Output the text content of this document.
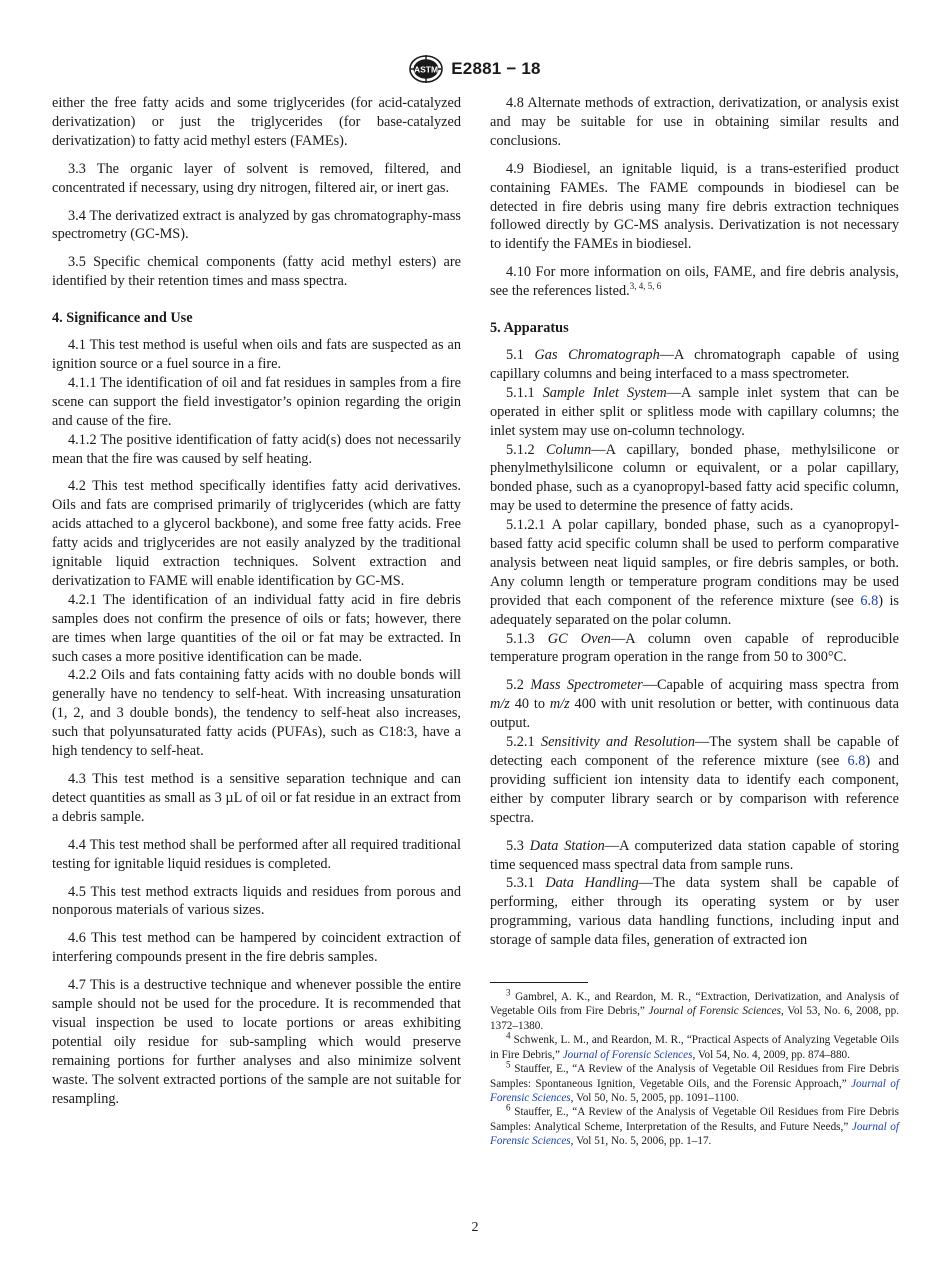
ASTM E2881 − 18

either the free fatty acids and some triglycerides (for acid-catalyzed derivatization) or just the triglycerides (for base-catalyzed derivatization) to fatty acid methyl esters (FAMEs).

3.3 The organic layer of solvent is removed, filtered, and concentrated if necessary, using dry nitrogen, filtered air, or inert gas.

3.4 The derivatized extract is analyzed by gas chromatography-mass spectrometry (GC-MS).

3.5 Specific chemical components (fatty acid methyl esters) are identified by their retention times and mass spectra.

4. Significance and Use

4.1 This test method is useful when oils and fats are suspected as an ignition source or a fuel source in a fire.

4.1.1 The identification of oil and fat residues in samples from a fire scene can support the field investigator’s opinion regarding the origin and cause of the fire.

4.1.2 The positive identification of fatty acid(s) does not necessarily mean that the fire was caused by self heating.

4.2 This test method specifically identifies fatty acid derivatives. Oils and fats are comprised primarily of triglycerides (which are fatty acids attached to a glycerol backbone), and some free fatty acids. Free fatty acids and triglycerides are not easily analyzed by the traditional ignitable liquid extraction techniques. Solvent extraction and derivatization to FAME will enable identification by GC-MS.

4.2.1 The identification of an individual fatty acid in fire debris samples does not confirm the presence of oils or fats; however, there are times when large quantities of the oil or fat may be extracted. In such cases a more positive identification can be made.

4.2.2 Oils and fats containing fatty acids with no double bonds will generally have no tendency to self-heat. With increasing unsaturation (1, 2, and 3 double bonds), the tendency to self-heat also increases, such that polyunsaturated fatty acids (PUFAs), such as C18:3, have a high tendency to self-heat.

4.3 This test method is a sensitive separation technique and can detect quantities as small as 3 µL of oil or fat residue in an extract from a debris sample.

4.4 This test method shall be performed after all required traditional testing for ignitable liquid residues is completed.

4.5 This test method extracts liquids and residues from porous and nonporous materials of various sizes.

4.6 This test method can be hampered by coincident extraction of interfering compounds present in the fire debris samples.

4.7 This is a destructive technique and whenever possible the entire sample should not be used for the procedure. It is recommended that visual inspection be used to locate portions or areas exhibiting potential oily residue for sub-sampling which would preserve remaining portions for further analyses and also minimize solvent waste. The solvent extracted portions of the sample are not suitable for resampling.

4.8 Alternate methods of extraction, derivatization, or analysis exist and may be suitable for use in obtaining similar results and conclusions.

4.9 Biodiesel, an ignitable liquid, is a trans-esterified product containing FAMEs. The FAME compounds in biodiesel can be detected in fire debris using many fire debris extraction techniques followed directly by GC-MS analysis. Derivatization is not necessary to identify the FAMEs in biodiesel.

4.10 For more information on oils, FAME, and fire debris analysis, see the references listed.$^{3, 4, 5, 6}$

5. Apparatus

5.1 Gas Chromatograph—A chromatograph capable of using capillary columns and being interfaced to a mass spectrometer.

5.1.1 Sample Inlet System—A sample inlet system that can be operated in either split or splitless mode with capillary columns; the inlet system may use on-column technology.

5.1.2 Column—A capillary, bonded phase, methylsilicone or phenylmethylsilicone column or equivalent, or a polar capillary, bonded phase, such as a cyanopropyl-based fatty acid specific column, may be used to determine the presence of fatty acids.

5.1.2.1 A polar capillary, bonded phase, such as a cyanopropyl-based fatty acid specific column shall be used to perform comparative analysis between neat liquid samples, or fire debris samples, or both. Any column length or temperature program conditions may be used provided that each component of the reference mixture (see 6.8) is adequately separated on the polar column.

5.1.3 GC Oven—A column oven capable of reproducible temperature program operation in the range from 50 to 300°C.

5.2 Mass Spectrometer—Capable of acquiring mass spectra from m/z 40 to m/z 400 with unit resolution or better, with continuous data output.

5.2.1 Sensitivity and Resolution—The system shall be capable of detecting each component of the reference mixture (see 6.8) and providing sufficient ion intensity data to identify each component, either by computer library search or by comparison with reference spectra.

5.3 Data Station—A computerized data station capable of storing time sequenced mass spectral data from sample runs.

5.3.1 Data Handling—The data system shall be capable of performing, either through its operating system or by user programming, various data handling functions, including input and storage of sample data files, generation of extracted ion

$^3$ Gambrel, A. K., and Reardon, M. R., “Extraction, Derivatization, and Analysis of Vegetable Oils from Fire Debris,” Journal of Forensic Sciences, Vol 53, No. 6, 2008, pp. 1372–1380.

$^4$ Schwenk, L. M., and Reardon, M. R., “Practical Aspects of Analyzing Vegetable Oils in Fire Debris,” Journal of Forensic Sciences, Vol 54, No. 4, 2009, pp. 874–880.

$^5$ Stauffer, E., “A Review of the Analysis of Vegetable Oil Residues from Fire Debris Samples: Spontaneous Ignition, Vegetable Oils, and the Forensic Approach,” Journal of Forensic Sciences, Vol 50, No. 5, 2005, pp. 1091–1100.

$^6$ Stauffer, E., “A Review of the Analysis of Vegetable Oil Residues from Fire Debris Samples: Analytical Scheme, Interpretation of the Results, and Future Needs,” Journal of Forensic Sciences, Vol 51, No. 5, 2006, pp. 1–17.

2
